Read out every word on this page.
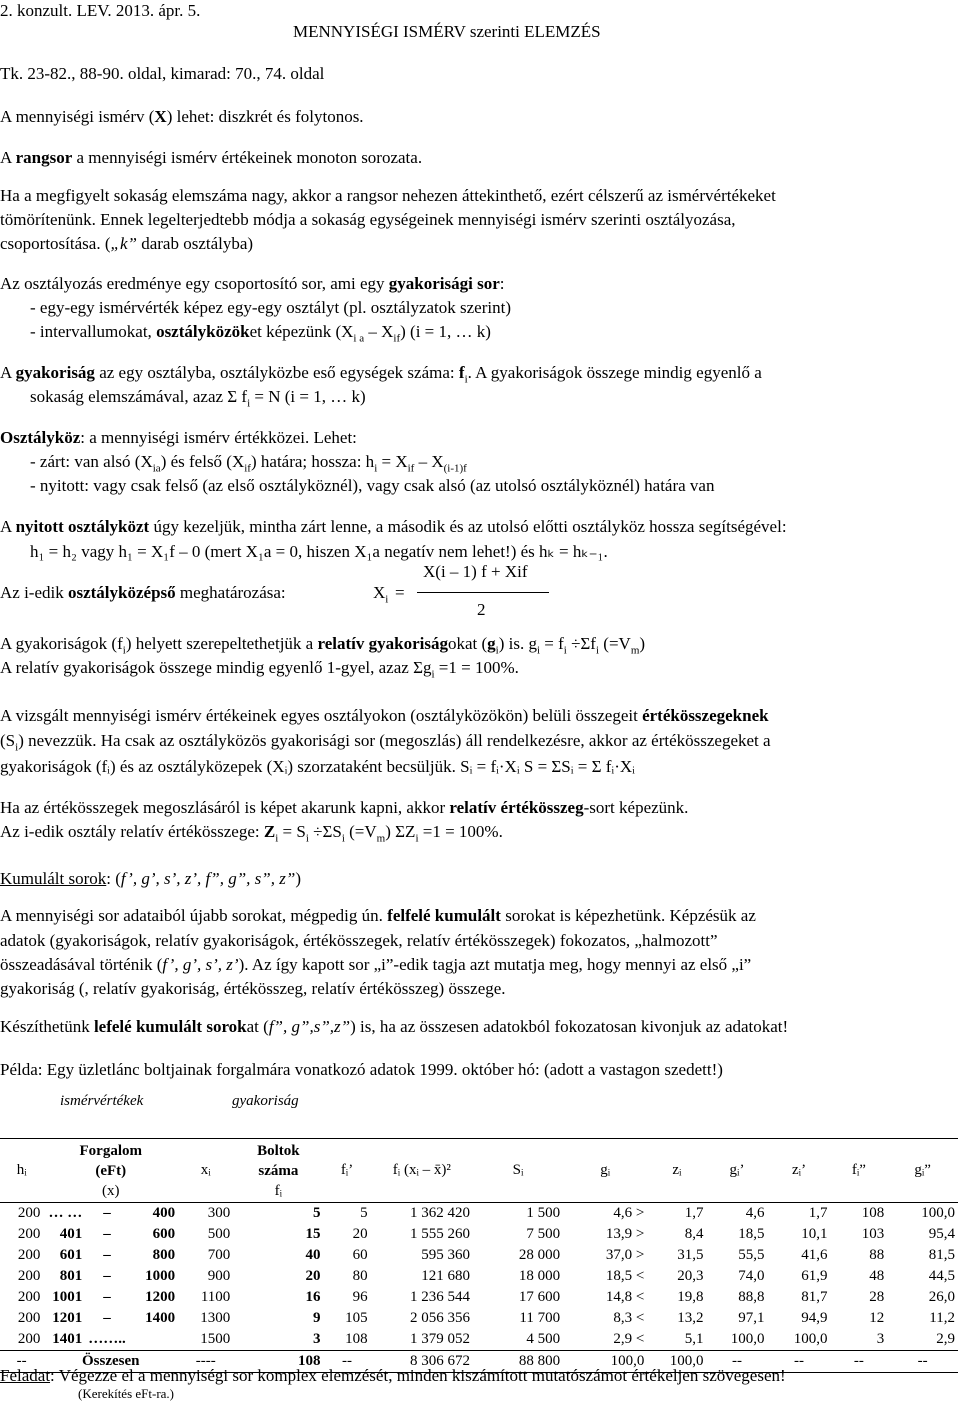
2. konzult. LEV. 2013. ápr. 5.
MENNYISÉGI ISMÉRV szerinti ELEMZÉS
Tk. 23-82., 88-90. oldal, kimarad: 70., 74. oldal
A mennyiségi ismérv (X) lehet: diszkrét és folytonos.
A rangsor a mennyiségi ismérv értékeinek monoton sorozata.
Ha a megfigyelt sokaság elemszáma nagy, akkor a rangsor nehezen áttekinthető, ezért célszerű az ismérvértékeket
tömörítenünk. Ennek legelterjedtebb módja a sokaság egységeinek mennyiségi ismérv szerinti osztályozása,
csoportosítása. („k” darab osztályba)
Az osztályozás eredménye egy csoportosító sor, ami egy gyakorisági sor:
- egy-egy ismérvérték képez egy-egy osztályt (pl. osztályzatok szerint)
- intervallumokat, osztályközöket képezünk $(X_{i a} - X_{if}) (i = 1$, … k)
A gyakoriság az egy osztályba, osztályközbe eső egységek száma: $f_i$. A gyakoriságok összege mindig egyenlő a
sokaság elemszámával, azaz Σ $f_i = N$ (i = 1, … k)
Osztályköz: a mennyiségi ismérv értékközei. Lehet:
- zárt: van alsó $(X_{ia})$ és felső $(X_{if})$ határa; hossza: $h_i = X_{if} - X_{(i-1)f}$
- nyitott: vagy csak felső (az első osztályköznél), vagy csak alsó (az utolsó osztályköznél) határa van
A nyitott osztályközt úgy kezeljük, mintha zárt lenne, a második és az utolsó előtti osztályköz hossza segítségével:
h₁ = h₂ vagy h₁ = X₁f – 0 (mert X₁a = 0, hiszen X₁a negatív nem lehet!) és hₖ = hₖ₋₁.
Az i-edik osztályközépső meghatározása:	$X_i$ =
X(i – 1) f + Xif
2
A gyakoriságok $(f_i)$ helyett szerepeltethetjük a relatív gyakoriságokat $(g_i)$ is. $g_i = f_i \div\Sigma f_i$ $(=V_m)$
A relatív gyakoriságok összege mindig egyenlő 1-gyel, azaz $\Sigma g_i =1 = 100\%$.
A vizsgált mennyiségi ismérv értékeinek egyes osztályokon (osztályközökön) belüli összegeit értékösszegeknek
$(S_i)$ nevezzük. Ha csak az osztályközös gyakorisági sor (megoszlás) áll rendelkezésre, akkor az értékösszegeket a
gyakoriságok (fᵢ) és az osztályközepek (Xᵢ) szorzataként becsüljük. Sᵢ = fᵢ·Xᵢ S = ΣSᵢ = Σ fᵢ·Xᵢ
Ha az értékösszegek megoszlásáról is képet akarunk kapni, akkor relatív értékösszeg-sort képezünk.
Az i-edik osztály relatív értékösszege: $Z_i = S_i \div\Sigma S_i$ $(=V_m)$ $\Sigma Z_i =1 = 100\%$.
Kumulált sorok: (f’, g’, s’, z’, f”, g”, s”, z”)
A mennyiségi sor adataiból újabb sorokat, mégpedig ún. felfelé kumulált sorokat is képezhetünk. Képzésük az
adatok (gyakoriságok, relatív gyakoriságok, értékösszegek, relatív értékösszegek) fokozatos, „halmozott”
összeadásával történik (f’, g’, s’, z’). Az így kapott sor „i”-edik tagja azt mutatja meg, hogy mennyi az első „i”
gyakoriság (, relatív gyakoriság, értékösszeg, relatív értékösszeg) összege.
Készíthetünk lefelé kumulált sorokat (f”, g”,s”,z”) is, ha az összesen adatokból fokozatosan kivonjuk az adatokat!
Példa: Egy üzletlánc boltjainak forgalmára vonatkozó adatok 1999. október hó: (adott a vastagon szedett!)
ismérvértékek	gyakoriság
hᵢ	Forgalom
(eFt)
(x)			xᵢ	Boltok
száma
fᵢ	fᵢ’	fᵢ (xᵢ – x̄)²	Sᵢ	gᵢ	zᵢ	gᵢ’	zᵢ’	fᵢ”	gᵢ”
200	… …	–	400	300	5	5	1 362 420	1 500	4,6 >	1,7	4,6	1,7	108	100,0
200	401	–	600	500	15	20	1 555 260	7 500	13,9 >	8,4	18,5	10,1	103	95,4
200	601	–	800	700	40	60	595 360	28 000	37,0 >	31,5	55,5	41,6	88	81,5
200	801	–	1000	900	20	80	121 680	18 000	18,5 <	20,3	74,0	61,9	48	44,5
200	1001	–	1200	1100	16	96	1 236 544	17 600	14,8 <	19,8	88,8	81,7	28	26,0
200	1201	–	1400	1300	9	105	2 056 356	11 700	8,3 <	13,2	97,1	94,9	12	11,2
200	1401	……..		1500	3	108	1 379 052	4 500	2,9 <	5,1	100,0	100,0	3	2,9
--	Összesen			----	108	--	8 306 672	88 800	100,0	100,0	--	--	--	--
Feladat: Végezze el a mennyiségi sor komplex elemzését, minden kiszámított mutatószámot értékeljen szövegesen!
(Kerekítés eFt-ra.)
